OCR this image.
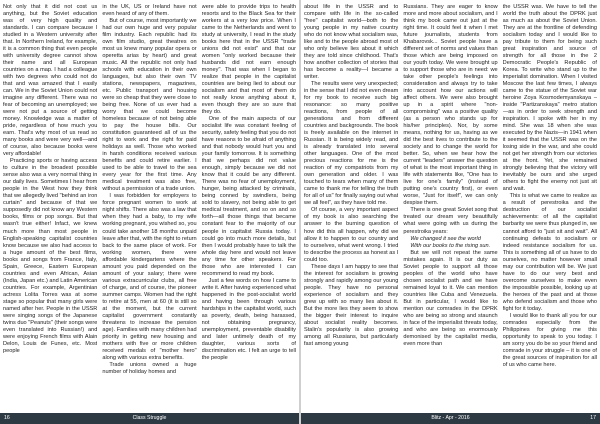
Not only that it did not cost us anything, but the Soviet education was of very high quality and standards. I can compare because I studied in a Western university after that. In Northern Ireland, for example, it is a common thing that even people with university degree cannot show their name and all European countries on a map. I had a colleague with two degrees who could not do that and was amazed that I easily can. We in the Soviet Union could not imagine any different. There was no fear of becoming an unemployed; we were not put a source of getting money. Knowledge was a matter of pride, regardless of how much you earn. That's why most of us read so many books and were very well—and of course, also because books were very affordable!

Practicing sports or having access to culture in the broadest possible sense also was a very normal thing in our daily lives. Sometimes I hear from people in the West how they think that we allegedly lived "behind an iron curtain" and because of that we supposedly did not know any Western books, films or pop songs. But that wasn't true either! Infact, we knew much more than most people in English-speaking capitalist countries know because we also had access to a huge amount of the best films, books and songs from France, Italy, Spain, Greece, Eastern European countries and even African, Asian (India, Japan etc.) and Latin American countries. For example, Argentinian actress Lolita Torres was at some stage so popular that many girls were named after her. People in the USSR were singing songs of the Japanese twins duo "Peanuts" (their songs were even translated into Russian!) and were enjoying French films with Alain Delon, Louis de Funes, etc. Most people

in the UK, US or Ireland have not even heard of any of them.

But of course, most importantly we had our own huge and very popular film industry. Each republic had its own film studio, great theatres on most us knew many popular opera or operetta arias by heart) and great music. All the republic not only had schools with education in their own languages, but also their own TV stations, newspapers, magazines, etc. Public transport and housing were so cheap that they were close to being free. None of us ever had a worry that we could become homeless because of not being able to pay the house bills. Our constitution guaranteed all of us the right to work and the right for paid holidays as well. Those who worked in harsh conditions received various benefits and could retire earlier. I used to be able to travel to the sea every year for the first time. Any medical treatment was also free, without a permission of a trade union.

I was forbidden for employers to force pregnant women to work at night shifts. There also was a law that when they had a baby, to my wife working pregnant, you wished so, you could take another 18 months unpaid leave after that, with the right to return back to the same place of work. For working women, there were affordable kindergartens where the amount you paid depended on the amount of your salary; there were various extracurricular clubs, all free of charge, and of course, the pioneer summer camps. Women had the right to retire at 55, men at 60 (it is still so at the moment, but the current capitalist government constantly threatens to increase the pension age). Families with many children had priority in getting new housing and mothers with five or more children received medals of "mother hero" along with various extra benefits.

Trade unions owned a huge number of holiday homes and

were able to provide trips to health resorts and to the Black Sea for their workers at a very low price. When I came to the Netherlands and went to study at university, I read in the study books here that in the USSR "trade unions did not exist" and that our women "only worked because their husbands did not earn enough money". That was when I began to realize that people in the capitalist countries are being lied to about our socialism and that most of them do not really know anything about it, even though they are so sure that they do.

One of the main aspects of our socialist life was constant feeling of security, safety feeling that you do not have reasons to be afraid of anything and that nobody would hurt you and your family tomorrow. It is something that we perhaps did not value enough, simply because we did not know that it could be any different. There was no fear of unemployment, hunger, being attacked by criminals, being conned by swindlers, being sold to slavery, not being able to get medical treatment, and so on and so forth—all those things that became constant fear to the majority of our people in capitalist Russia today. I could go into much more details, but then I would probably have to talk the whole day here and would not leave any time for other speakers. For those who are interested I can recommend to read my book.

Just a few words on how I came to write it. After having experienced what happened in the post-socialist world and having been through various hardships in the capitalist world, such as poverty, death, being harassed, not obtaining pregnancy, unemployment, preventable disability and later untimely death of my daughter, various sorts of discrimination etc. I felt an urge to tell the people

16	Class Struggle

about life in the USSR and to compare with life in the so-called "free" capitalist world—both to the young people in my native country who do not know what socialism was, like and to the people abroad most of who only believe lies about it which they are told since childhood. That's how another collection of stories that has become a reality—I became a writer.

The results were very unexpected; in the sense that I did not even dream for my book to receive such big resonance: so many positive reactions, from people of all generations and from different countries and backgrounds. The book is freely available on the internet in Russian. It is being widely read, and is already translated into several other languages. One of the most precious reactions for me is the reaction of my compatriots from my own generation and older. I was touched to tears when many of them came to thank me for telling the truth for all of us" for finally saying out what we all feel", as they have told me.

Of course, a very important aspect of my book is also searching the answer to the burning question of how did this all happen, why did we allow it to happen to our country and to ourselves, what went wrong. I tried to describe the process as honest as I could too.

These days I am happy to see that the interest for socialism is growing strongly and rapidly among our young people. They have no personal experience of socialism and they grew up with so many lies about it. But the more lies they seem to show the bigger their interest to inquire about socialist reality becomes. Stalin's popularity is also growing among all Russians, but particularly fast among young

Russians. They are eager to know more and more about socialism, and I think my book came out just at the right time. It could feel it when I met future journalists, students from Khabarovsk... Soviet people have a different set of norms and values than those which are being imposed on our youth today. We were brought up to support those who are in need: we take other people's feelings into consideration and always try to take into account how our actions will affect others. We were also brought up in a spirit where "non-compromising" was a positive quality (as a person who stands up for his/her principles). Nor, by some means, nothing for us, having as we did the best lives to contribute to the society and to change the world for better. So, when we hear how the current "leaders" answer the question of what is the most important thing in life with statements like, "One has to live for one's family" (instead of putting one's country first), or even worse, "Just for itself", we can only despise them.

There is one great Soviet song that treated our dream very beautifully what were going with us during the perestroika years:

We changed it see the world

With our books to the rising sun.

But we will not repeat the same mistakes again. It is our duty as Soviet people to support all those peoples of the world who have chosen socialist path and we have remained loyal to it. We can mention countries like Cuba and Venezuela. But in particular, I would like to mention our comrades in the DPRK who are being so strong and staunch in face of the imperialist threats today, and who are being so enormously demonised by the capitalist media, even more than

the USSR was. We have to tell the world the truth about the DPRK just as much as about the Soviet Union. They are at the frontline of defending socialism today and I would like to pay tribute to them for being such great inspiration and source of strength for all those in the 2 Democratic People's Republic of Korea. To write who stand up to the imperialist domination. When I visited Moscow the last few times, I always came to the statue of the Soviet war heroine Zoya Kosmodemyanskaya – inside "Partizanskaya" metro station—as in order to seek strength and inspiration. I spoke with her in my mind. She was 18 when she was executed by the Nazis—in 1941 when it seemed that the USSR was on the losing side in the war, and she could not get her strength from our victories at the front. Yet, she remained strongly believing that the victory will inevitably be ours and she urged others to fight the enemy not just sit and wait.

This is what we came to realize as a result of perestroika and the destruction of our socialist achievements: of all the capitalist barbarity we were thus plunged in, we cannot afford to "just sit and wait". All continuing defeats to socialism or indeed resistance socialism for us. This is something all of us have to do ourselves, no matter however small may our contribution will be. We just have to do our very best and overcome ourselves to make even the impossible possible, looking up at the heroes of the past and at those who defend socialism and those who fight for it today.

I would like to thank all you for our comrades especially from the Philippines for giving me this opportunity to speak to you today. I am sorry you do be so your friend and comrade in your struggle – it is one of the great sources of inspiration for all of us who came here.

Blitz - Apr - 2016	17
